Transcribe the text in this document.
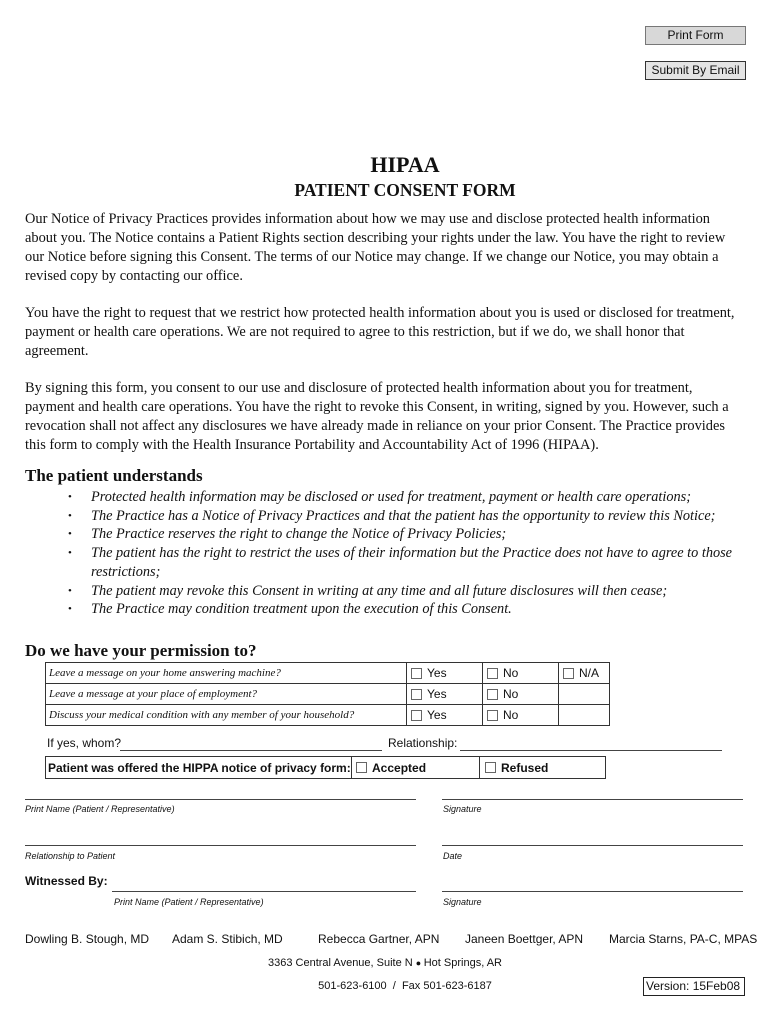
Print Form
Submit By Email
HIPAA
PATIENT CONSENT FORM
Our Notice of Privacy Practices provides information about how we may use and disclose protected health information about you. The Notice contains a Patient Rights section describing your rights under the law. You have the right to review our Notice before signing this Consent. The terms of our Notice may change. If we change our Notice, you may obtain a revised copy by contacting our office.
You have the right to request that we restrict how protected health information about you is used or disclosed for treatment, payment or health care operations. We are not required to agree to this restriction, but if we do, we shall honor that agreement.
By signing this form, you consent to our use and disclosure of protected health information about you for treatment, payment and health care operations. You have the right to revoke this Consent, in writing, signed by you. However, such a revocation shall not affect any disclosures we have already made in reliance on your prior Consent. The Practice provides this form to comply with the Health Insurance Portability and Accountability Act of 1996 (HIPAA).
The patient understands
• Protected health information may be disclosed or used for treatment, payment or health care operations;
• The Practice has a Notice of Privacy Practices and that the patient has the opportunity to review this Notice;
• The Practice reserves the right to change the Notice of Privacy Policies;
• The patient has the right to restrict the uses of their information but the Practice does not have to agree to those restrictions;
• The patient may revoke this Consent in writing at any time and all future disclosures will then cease;
• The Practice may condition treatment upon the execution of this Consent.
Do we have your permission to?
Leave a message on your home answering machine?	Yes	No	N/A

Leave a message at your place of employment?	Yes	No	

Discuss your medical condition with any member of your household?	Yes	No	

If yes, whom?	Relationship:
Patient was offered the HIPPA notice of privacy form: Accepted	Refused
Print Name (Patient / Representative)	Signature
Relationship to Patient	Date
Witnessed By:
Print Name (Patient / Representative)	Signature
Dowling B. Stough, MD Adam S. Stibich, MD	Rebecca Gartner, APN Janeen Boettger, APN Marcia Starns, PA-C, MPAS
3363 Central Avenue, Suite N ● Hot Springs, AR
501-623-6100  /  Fax 501-623-6187	Version: 15Feb08
